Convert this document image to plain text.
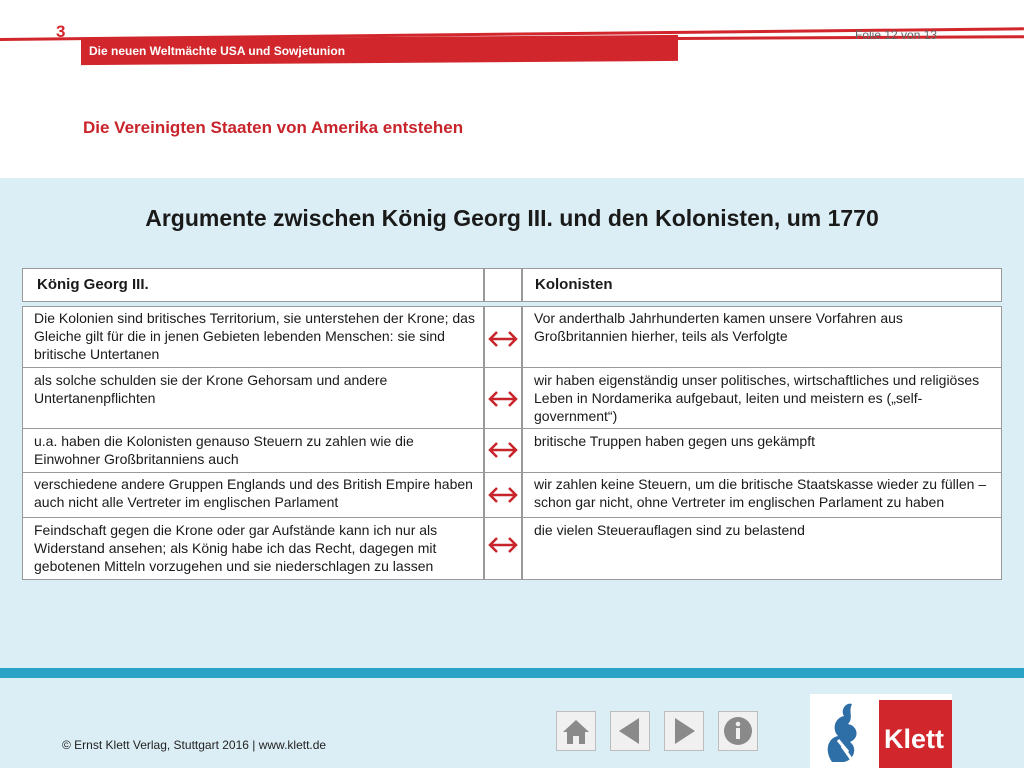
3
Die neuen Weltmächte USA und Sowjetunion
Folie 12 von 13
Die Vereinigten Staaten von Amerika entstehen
Argumente zwischen König Georg III. und den Kolonisten, um 1770
König Georg III.	Kolonisten
Die Kolonien sind britisches Territorium, sie unterstehen der Krone; das Gleiche gilt für die in jenen Gebieten lebenden Menschen: sie sind britische Untertanen
Vor anderthalb Jahrhunderten kamen unsere Vorfahren aus Großbritannien hierher, teils als Verfolgte
als solche schulden sie der Krone Gehorsam und andere Untertanenpflichten
wir haben eigenständig unser politisches, wirtschaftliches und religiöses Leben in Nordamerika aufgebaut, leiten und meistern es („self-government“)
u.a. haben die Kolonisten genauso Steuern zu zahlen wie die Einwohner Großbritanniens auch
britische Truppen haben gegen uns gekämpft
verschiedene andere Gruppen Englands und des British Empire haben auch nicht alle Vertreter im englischen Parlament
wir zahlen keine Steuern, um die britische Staatskasse wieder zu füllen – schon gar nicht, ohne Vertreter im englischen Parlament zu haben
Feindschaft gegen die Krone oder gar Aufstände kann ich nur als Widerstand ansehen; als König habe ich das Recht, dagegen mit gebotenen Mitteln vorzugehen und sie niederschlagen zu lassen
die vielen Steuerauflagen sind zu belastend
© Ernst Klett Verlag, Stuttgart 2016 | www.klett.de	Klett
